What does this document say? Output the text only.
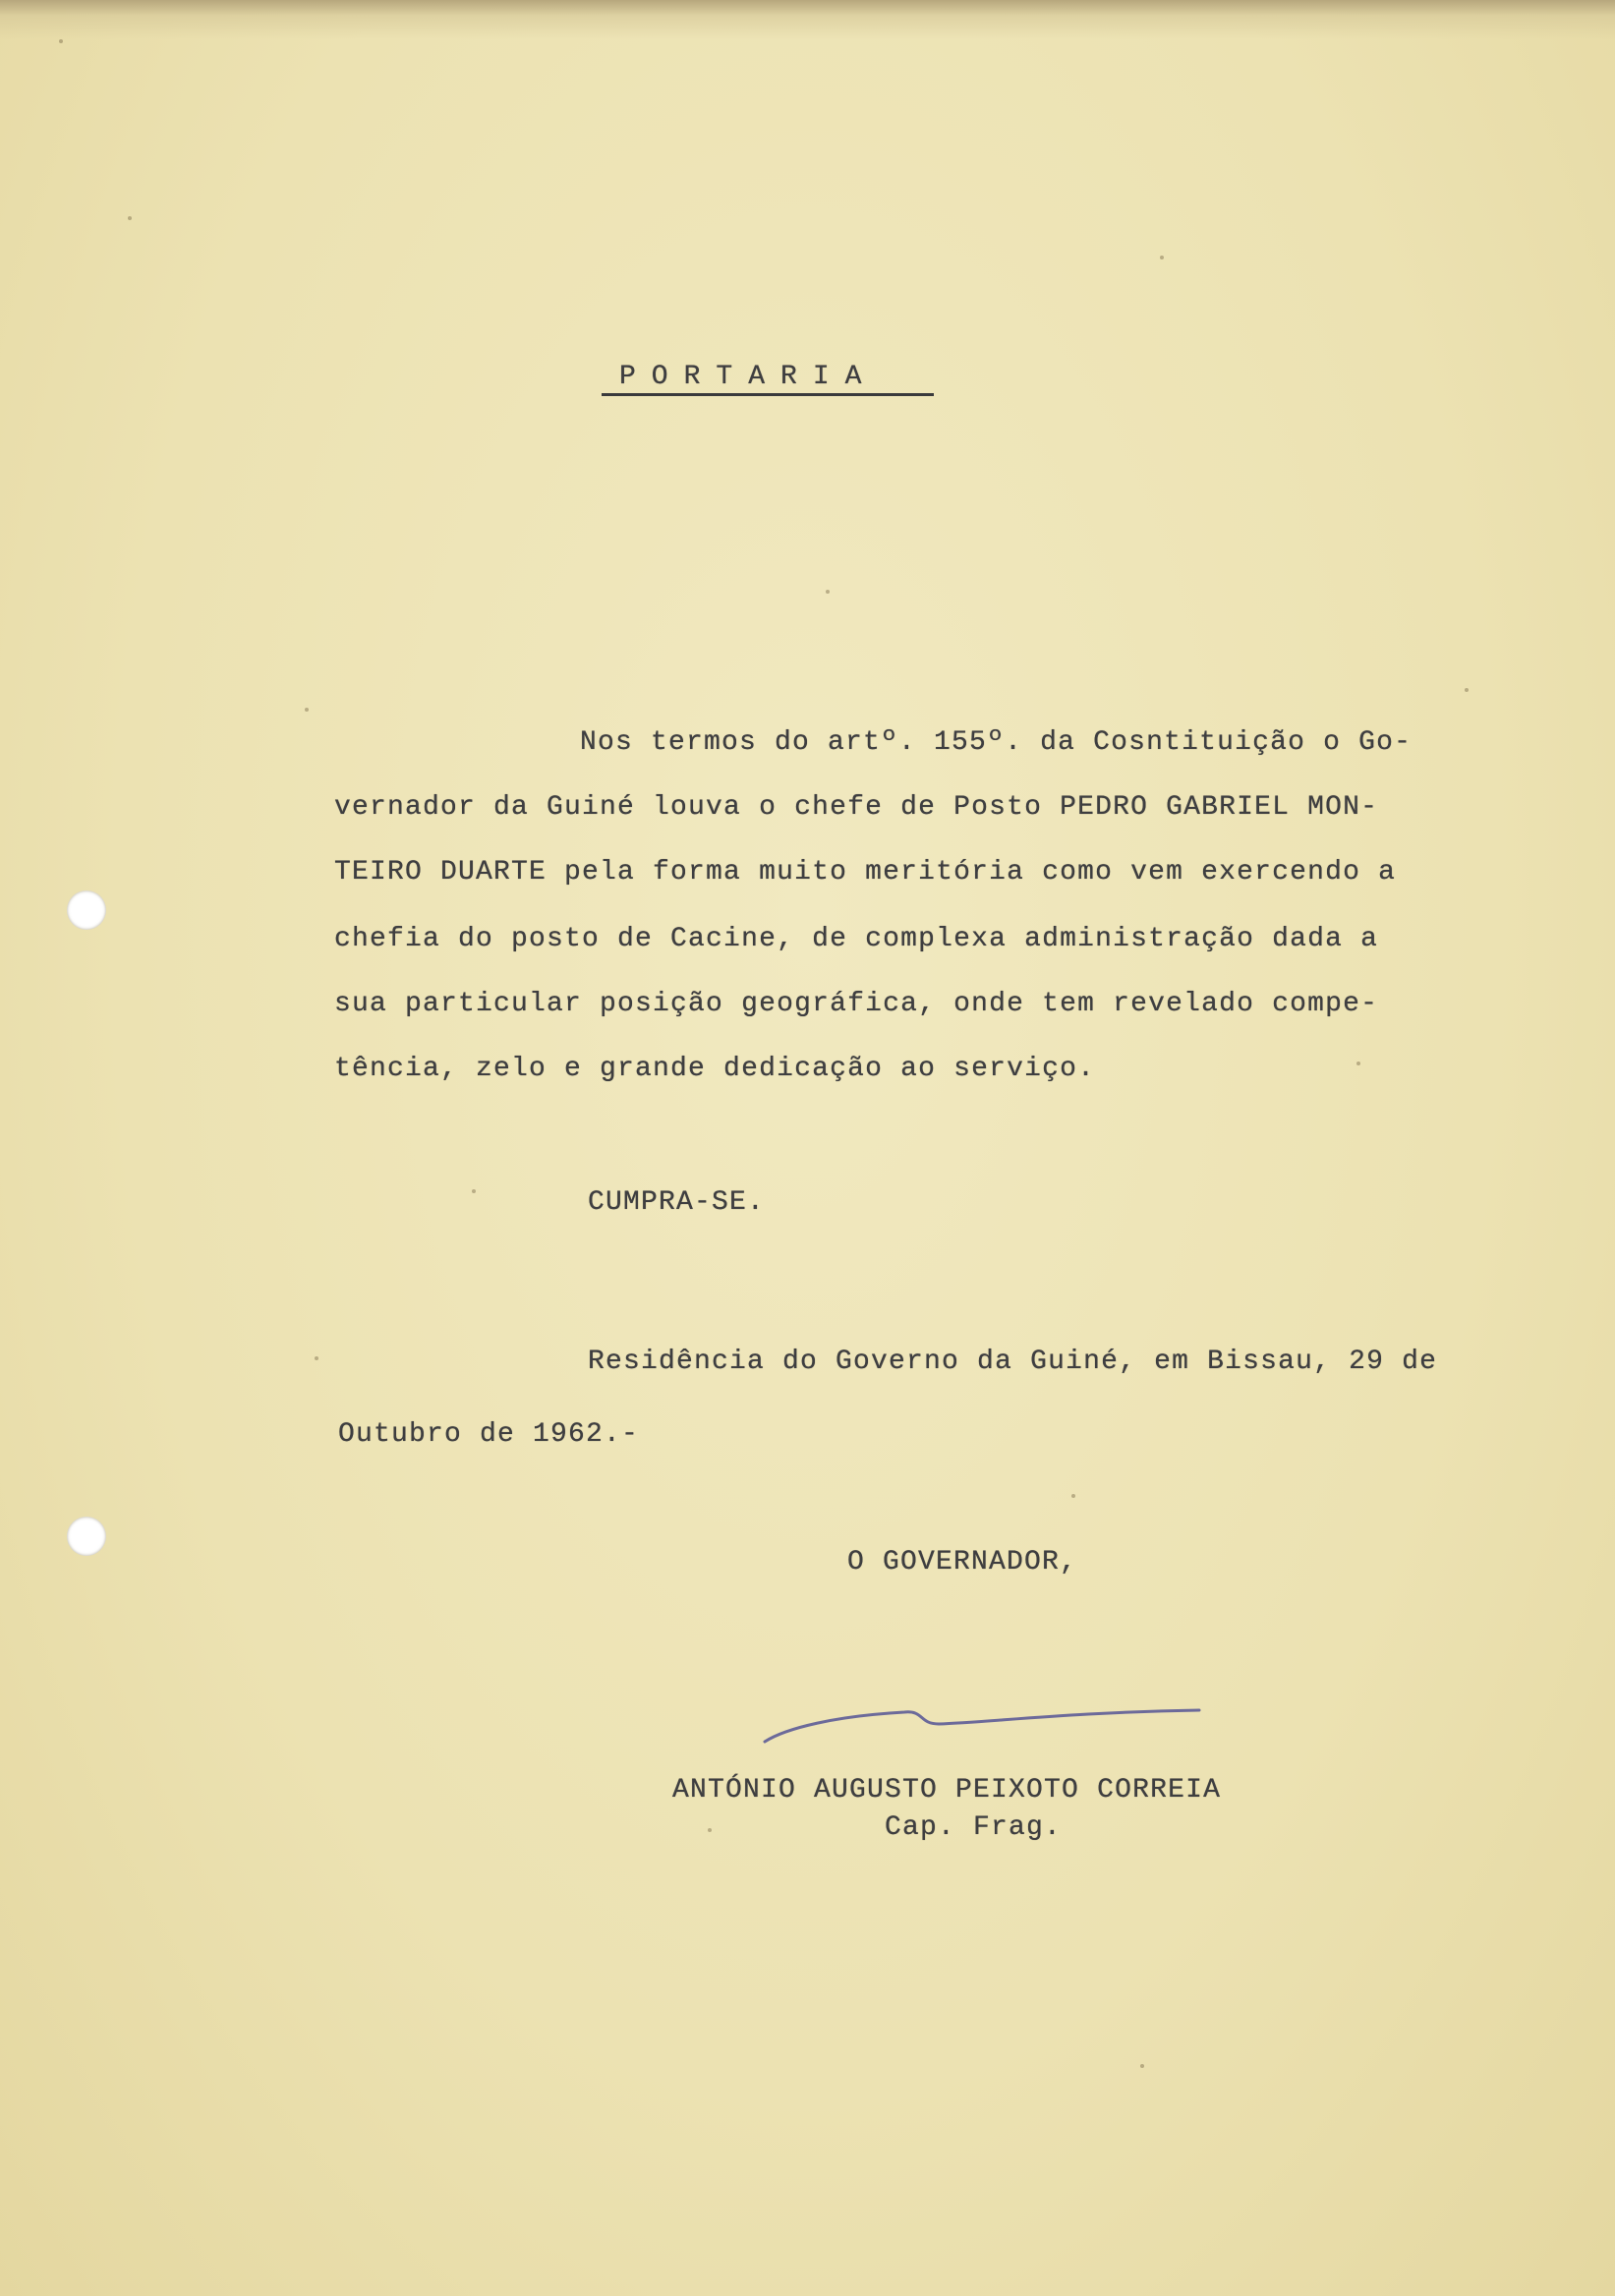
PORTARIA
Nos termos do artº. 155º. da Cosntituição o Go-
vernador da Guiné louva o chefe de Posto PEDRO GABRIEL MON-
TEIRO DUARTE pela forma muito meritória como vem exercendo a
chefia do posto de Cacine, de complexa administração dada a
sua particular posição geográfica, onde tem revelado compe-
tência, zelo e grande dedicação ao serviço.
CUMPRA-SE.
Residência do Governo da Guiné, em Bissau, 29 de
Outubro de 1962.-
O GOVERNADOR,
ANTÓNIO AUGUSTO PEIXOTO CORREIA
Cap. Frag.
